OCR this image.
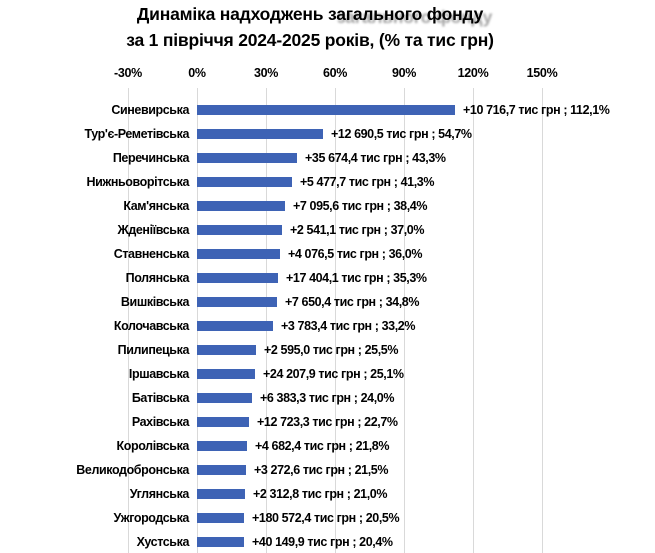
Динаміка надходжень загального фонду
за 1 півріччя 2024-2025 років, (% та тис грн)
-30%	0%	30%	60%	90%	120%	150%
Синевирська	+10 716,7 тис грн ; 112,1%
Тур'є-Реметівська	+12 690,5 тис грн ; 54,7%
Перечинська	+35 674,4 тис грн ; 43,3%
Нижньоворітська	+5 477,7 тис грн ; 41,3%
Кам'янська	+7 095,6 тис грн ; 38,4%
Жденіївська	+2 541,1 тис грн ; 37,0%
Ставненська	+4 076,5 тис грн ; 36,0%
Полянська	+17 404,1 тис грн ; 35,3%
Вишківська	+7 650,4 тис грн ; 34,8%
Колочавська	+3 783,4 тис грн ; 33,2%
Пилипецька	+2 595,0 тис грн ; 25,5%
Іршавська	+24 207,9 тис грн ; 25,1%
Батівська	+6 383,3 тис грн ; 24,0%
Рахівська	+12 723,3 тис грн ; 22,7%
Королівська	+4 682,4 тис грн ; 21,8%
Великодобронська	+3 272,6 тис грн ; 21,5%
Углянська	+2 312,8 тис грн ; 21,0%
Ужгородська	+180 572,4 тис грн ; 20,5%
Хустська	+40 149,9 тис грн ; 20,4%
